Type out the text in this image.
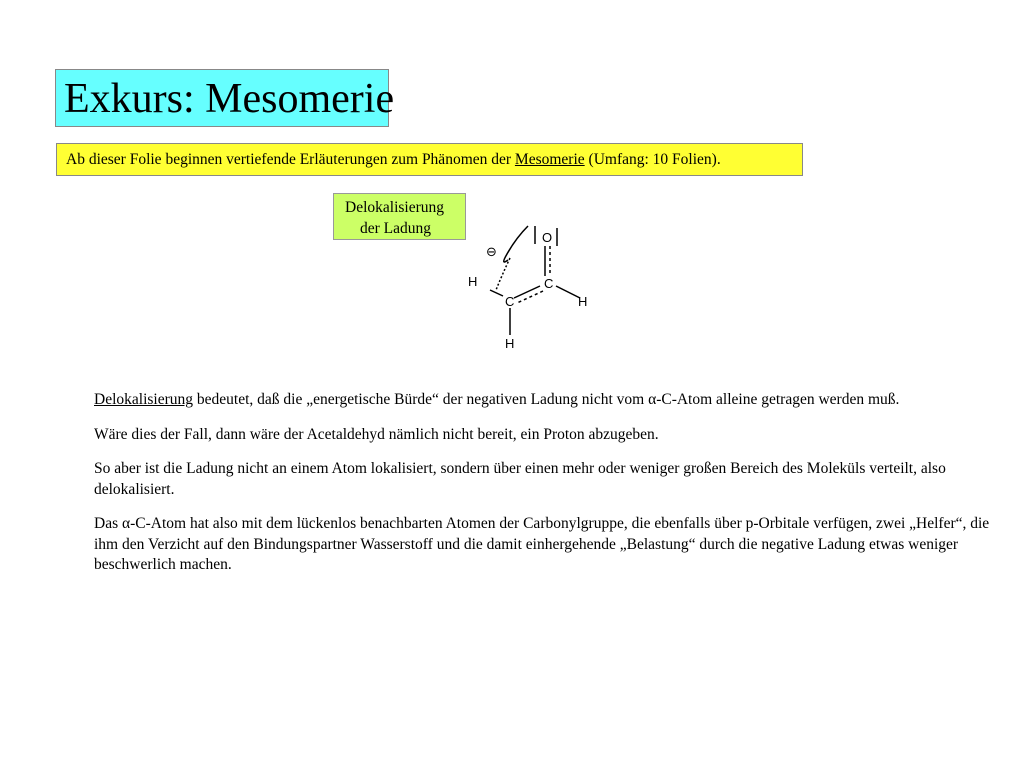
Exkurs: Mesomerie
Ab dieser Folie beginnen vertiefende Erläuterungen zum Phänomen der Mesomerie (Umfang: 10 Folien).
Delokalisierung
der Ladung
O
C
C
H
H
H
⊖

Delokalisierung bedeutet, daß die „energetische Bürde“ der negativen Ladung nicht vom α-C-Atom alleine getragen werden muß.

Wäre dies der Fall, dann wäre der Acetaldehyd nämlich nicht bereit, ein Proton abzugeben.

So aber ist die Ladung nicht an einem Atom lokalisiert, sondern über einen mehr oder weniger großen Bereich des Moleküls verteilt, also delokalisiert.

Das α-C-Atom hat also mit dem lückenlos benachbarten Atomen der Carbonylgruppe, die ebenfalls über p-Orbitale verfügen, zwei „Helfer“, die ihm den Verzicht auf den Bindungspartner Wasserstoff und die damit einhergehende „Belastung“ durch die negative Ladung etwas weniger beschwerlich machen.
